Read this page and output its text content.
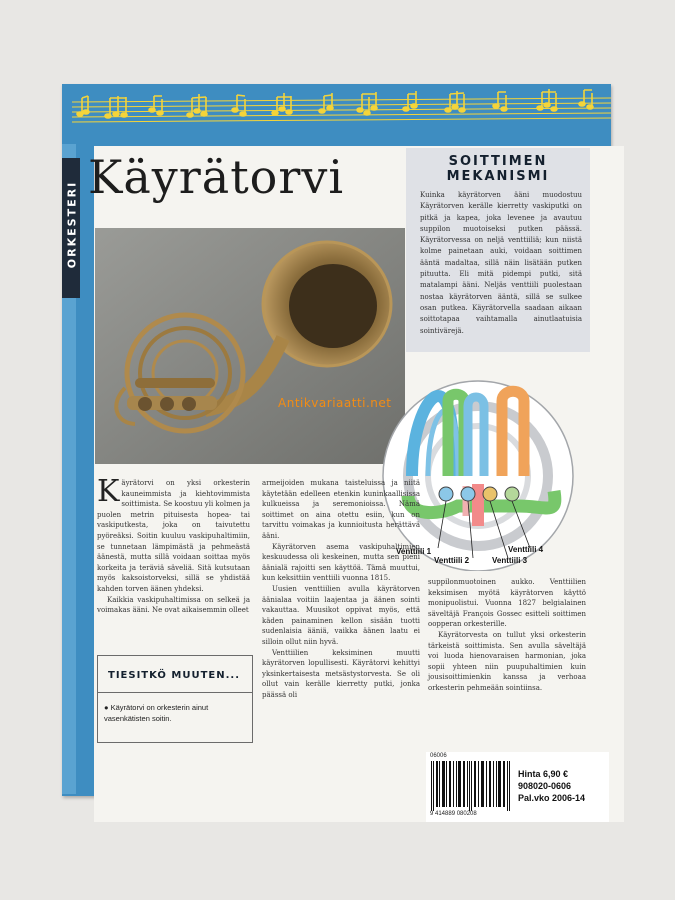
ORKESTERI
Käyrätorvi	SOITTIMEN
MEKANISMI

Kuinka käyrätorven ääni muodostuu Käyrätorven kerälle kierretty vaskiputki on pitkä ja kapea, joka levenee ja avautuu suppilon muotoiseksi putken päässä. Käyrätorvessa on neljä venttiiliä; kun niistä kolme painetaan auki, voidaan soittimen ääntä madaltaa, sillä näin lisätään putken pituutta. Eli mitä pidempi putki, sitä matalampi ääni. Neljäs venttiili puolestaan nostaa käyrätorven ääntä, sillä se sulkee osan putkea. Käyrätorvella saadaan aikaan soittotapaa vaihtamalla ainutlaatuisia sointivärejä.

Venttiili 1
Venttiili 2	Venttiili 3
Venttiili 4
Antikvariaatti.net
K äyrätorvi on yksi orkesterin kauneimmista ja kiehtovimmista soittimista. Se koostuu yli kolmen ja puolen metrin pituisesta hopea- tai vaskiputkesta, joka on taivutettu pyöreäksi. Soitin kuuluu vaskipuhaltimiin, se tunnetaan lämpimästä ja pehmeästä äänestä, mutta sillä voidaan soittaa myös korkeita ja teräviä säveliä. Sitä kutsutaan myös kaksoistorveksi, sillä se yhdistää kahden torven äänen yhdeksi.

Kaikkia vaskipuhaltimissa on selkeä ja voimakas ääni. Ne ovat aikaisemmin olleet

armeijoiden mukana taisteluissa ja niitä käytetään edelleen etenkin kuninkaallisissa kulkueissa ja seremonioissa. Nämä soittimet on aina otettu esiin, kun on tarvittu voimakas ja kunnioitusta herättävä ääni.

Käyrätorven asema vaskipuhaltimien keskuudessa oli keskeinen, mutta sen pieni äänialä rajoitti sen käyttöä. Tämä muuttui, kun keksittiin venttiili vuonna 1815.

Uusien venttiilien avulla käyrätorven äänialaa voitiin laajentaa ja äänen sointi vakauttaa. Muusikot oppivat myös, että käden painaminen kellon sisään tuotti sudenlaisia ääniä, vaikka äänen laatu ei silloin ollut niin hyvä.

Venttiilien keksiminen muutti käyrätorven lopullisesti. Käyrätorvi kehittyi yksinkertaisesta metsästystorvesta. Se oli ollut vain kerälle kierretty putki, jonka päässä oli

suppilonmuotoinen aukko. Venttiilien keksimisen myötä käyrätorven käyttö monipuolistui. Vuonna 1827 belgialainen säveltäjä François Gossec esitteli soittimen oopperan orkesterille.

Käyrätorvesta on tullut yksi orkesterin tärkeistä soittimista. Sen avulla säveltäjä voi luoda hienovaraisen harmonian, joka sopii yhteen niin puupuhaltimien kuin jousisoittimienkin kanssa ja verhoaa orkesterin pehmeään sointiinsa.

TIESITKÖ MUUTEN...

● Käyrätorvi on orkesterin ainut vasenkätisten soitin.

06006
9 414889 080208
Hinta 6,90 €
908020-0606
Pal.vko 2006-14
